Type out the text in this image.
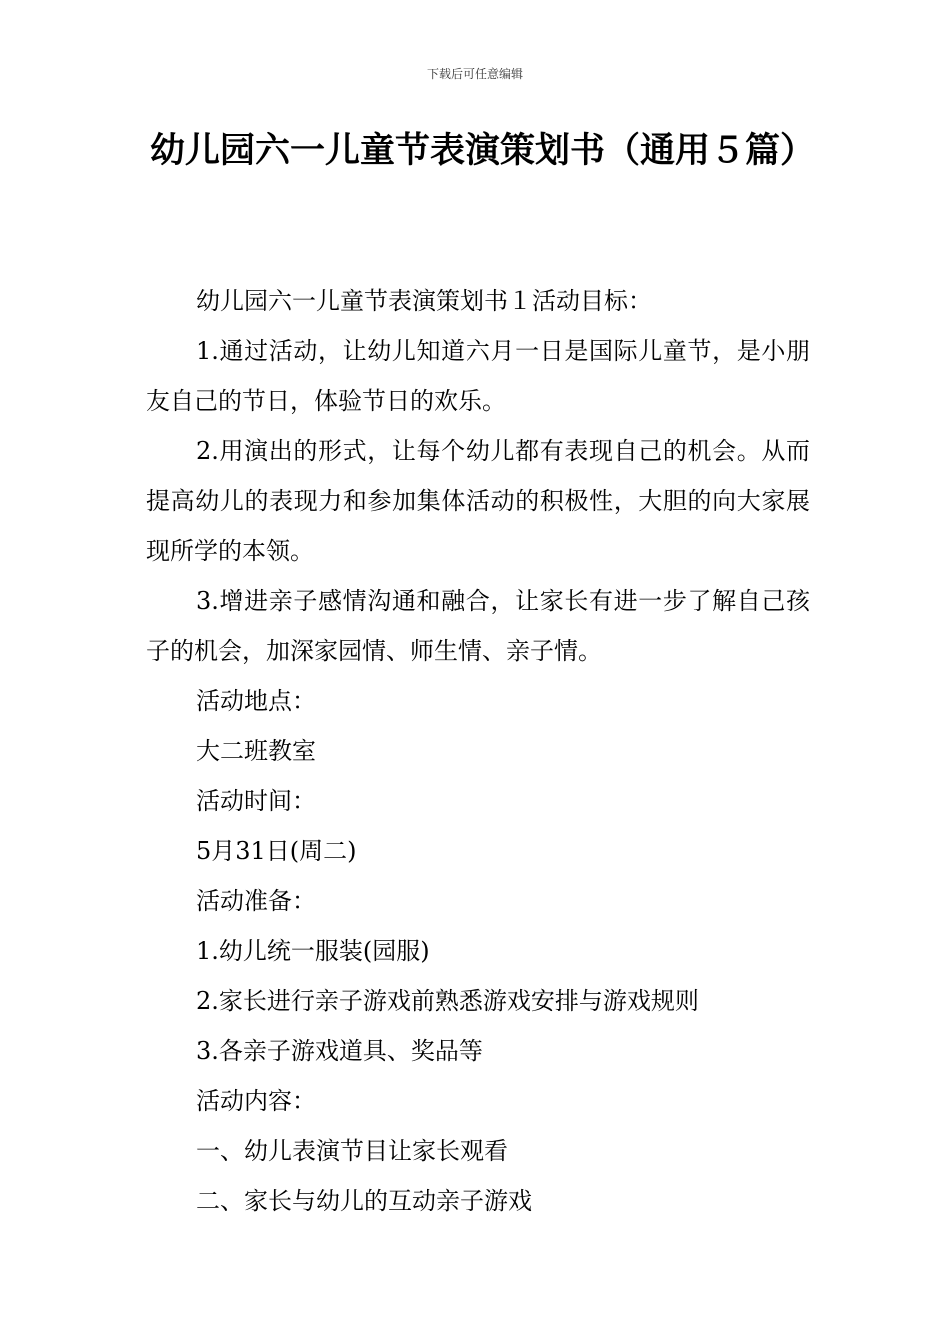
下载后可任意编辑
幼儿园六一儿童节表演策划书（通用５篇）

幼儿园六一儿童节表演策划书１活动目标：

1.通过活动，让幼儿知道六月一日是国际儿童节，是小朋友自己的节日，体验节日的欢乐。

2.用演出的形式，让每个幼儿都有表现自己的机会。从而提高幼儿的表现力和参加集体活动的积极性，大胆的向大家展现所学的本领。

3.增进亲子感情沟通和融合，让家长有进一步了解自己孩子的机会，加深家园情、师生情、亲子情。

活动地点：

大二班教室

活动时间：

5月31日(周二)

活动准备：

1.幼儿统一服装(园服)

2.家长进行亲子游戏前熟悉游戏安排与游戏规则

3.各亲子游戏道具、奖品等

活动内容：

一、幼儿表演节目让家长观看

二、家长与幼儿的互动亲子游戏
